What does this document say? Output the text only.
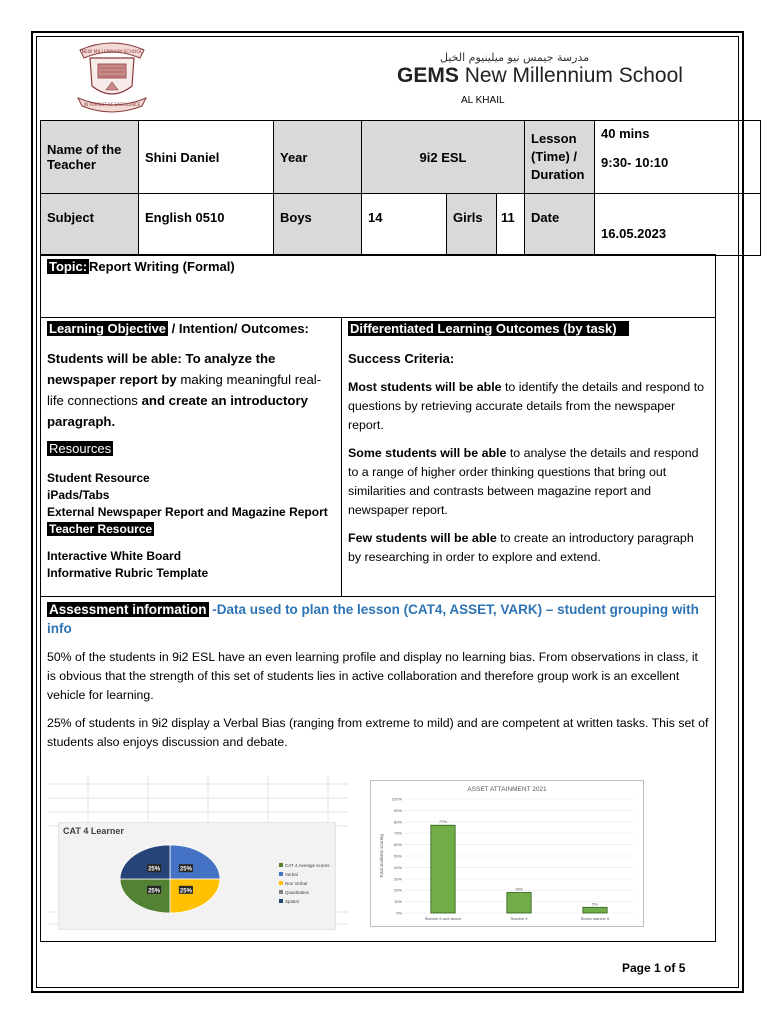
NEW MILLENNIUM SCHOOL
IN PURSUIT OF EXCELLENCE
مدرسة جيمس نيو ميلينيوم الخيل
GEMS New Millennium School
AL KHAIL
Name of the Teacher	Shini Daniel	Year	9i2 ESL			Lesson (Time) / Duration	40 mins
9:30- 10:10

Subject	English 0510	Boys	14	Girls	11	Date	16.05.2023
Topic: Report Writing (Formal)

Learning Objective / Intention/ Outcomes:

Students will be able: To analyze the newspaper report by making meaningful real-life connections and create an introductory paragraph.

Resources

Student Resource
iPads/Tabs
External Newspaper Report and Magazine Report
Teacher Resource
Interactive White Board
Informative Rubric Template

Differentiated Learning Outcomes (by task)

Success Criteria:

Most students will be able to identify the details and respond to questions by retrieving accurate details from the newspaper report.

Some students will be able to analyse the details and respond to a range of higher order thinking questions that bring out similarities and contrasts between magazine report and newspaper report.

Few students will be able to create an introductory paragraph by researching in order to explore and extend.

Assessment information -Data used to plan the lesson (CAT4, ASSET, VARK) – student grouping with info

50% of the students in 9i2 ESL have an even learning profile and display no learning bias. From observations in class, it is obvious that the strength of this set of students lies in active collaboration and therefore group work is an excellent vehicle for learning.

25% of students in 9i2 display a Verbal Bias (ranging from extreme to mild) and are competent at written tasks. This set of students also enjoys discussion and debate.

CAT 4 Learner
25%
25%
25%
25%
CAT 4 Average scores
Verbal
Non Verbal
Quantitative
Spatial
ASSET ATTAINMENT 2021
0%
10%
20%
30%
40%
50%
60%
70%
80%
90%
100%
Total students scoring
77%
Stanine 6 and above
18%
Stanine 5
5%
Below stanine 5
Page 1 of 5
